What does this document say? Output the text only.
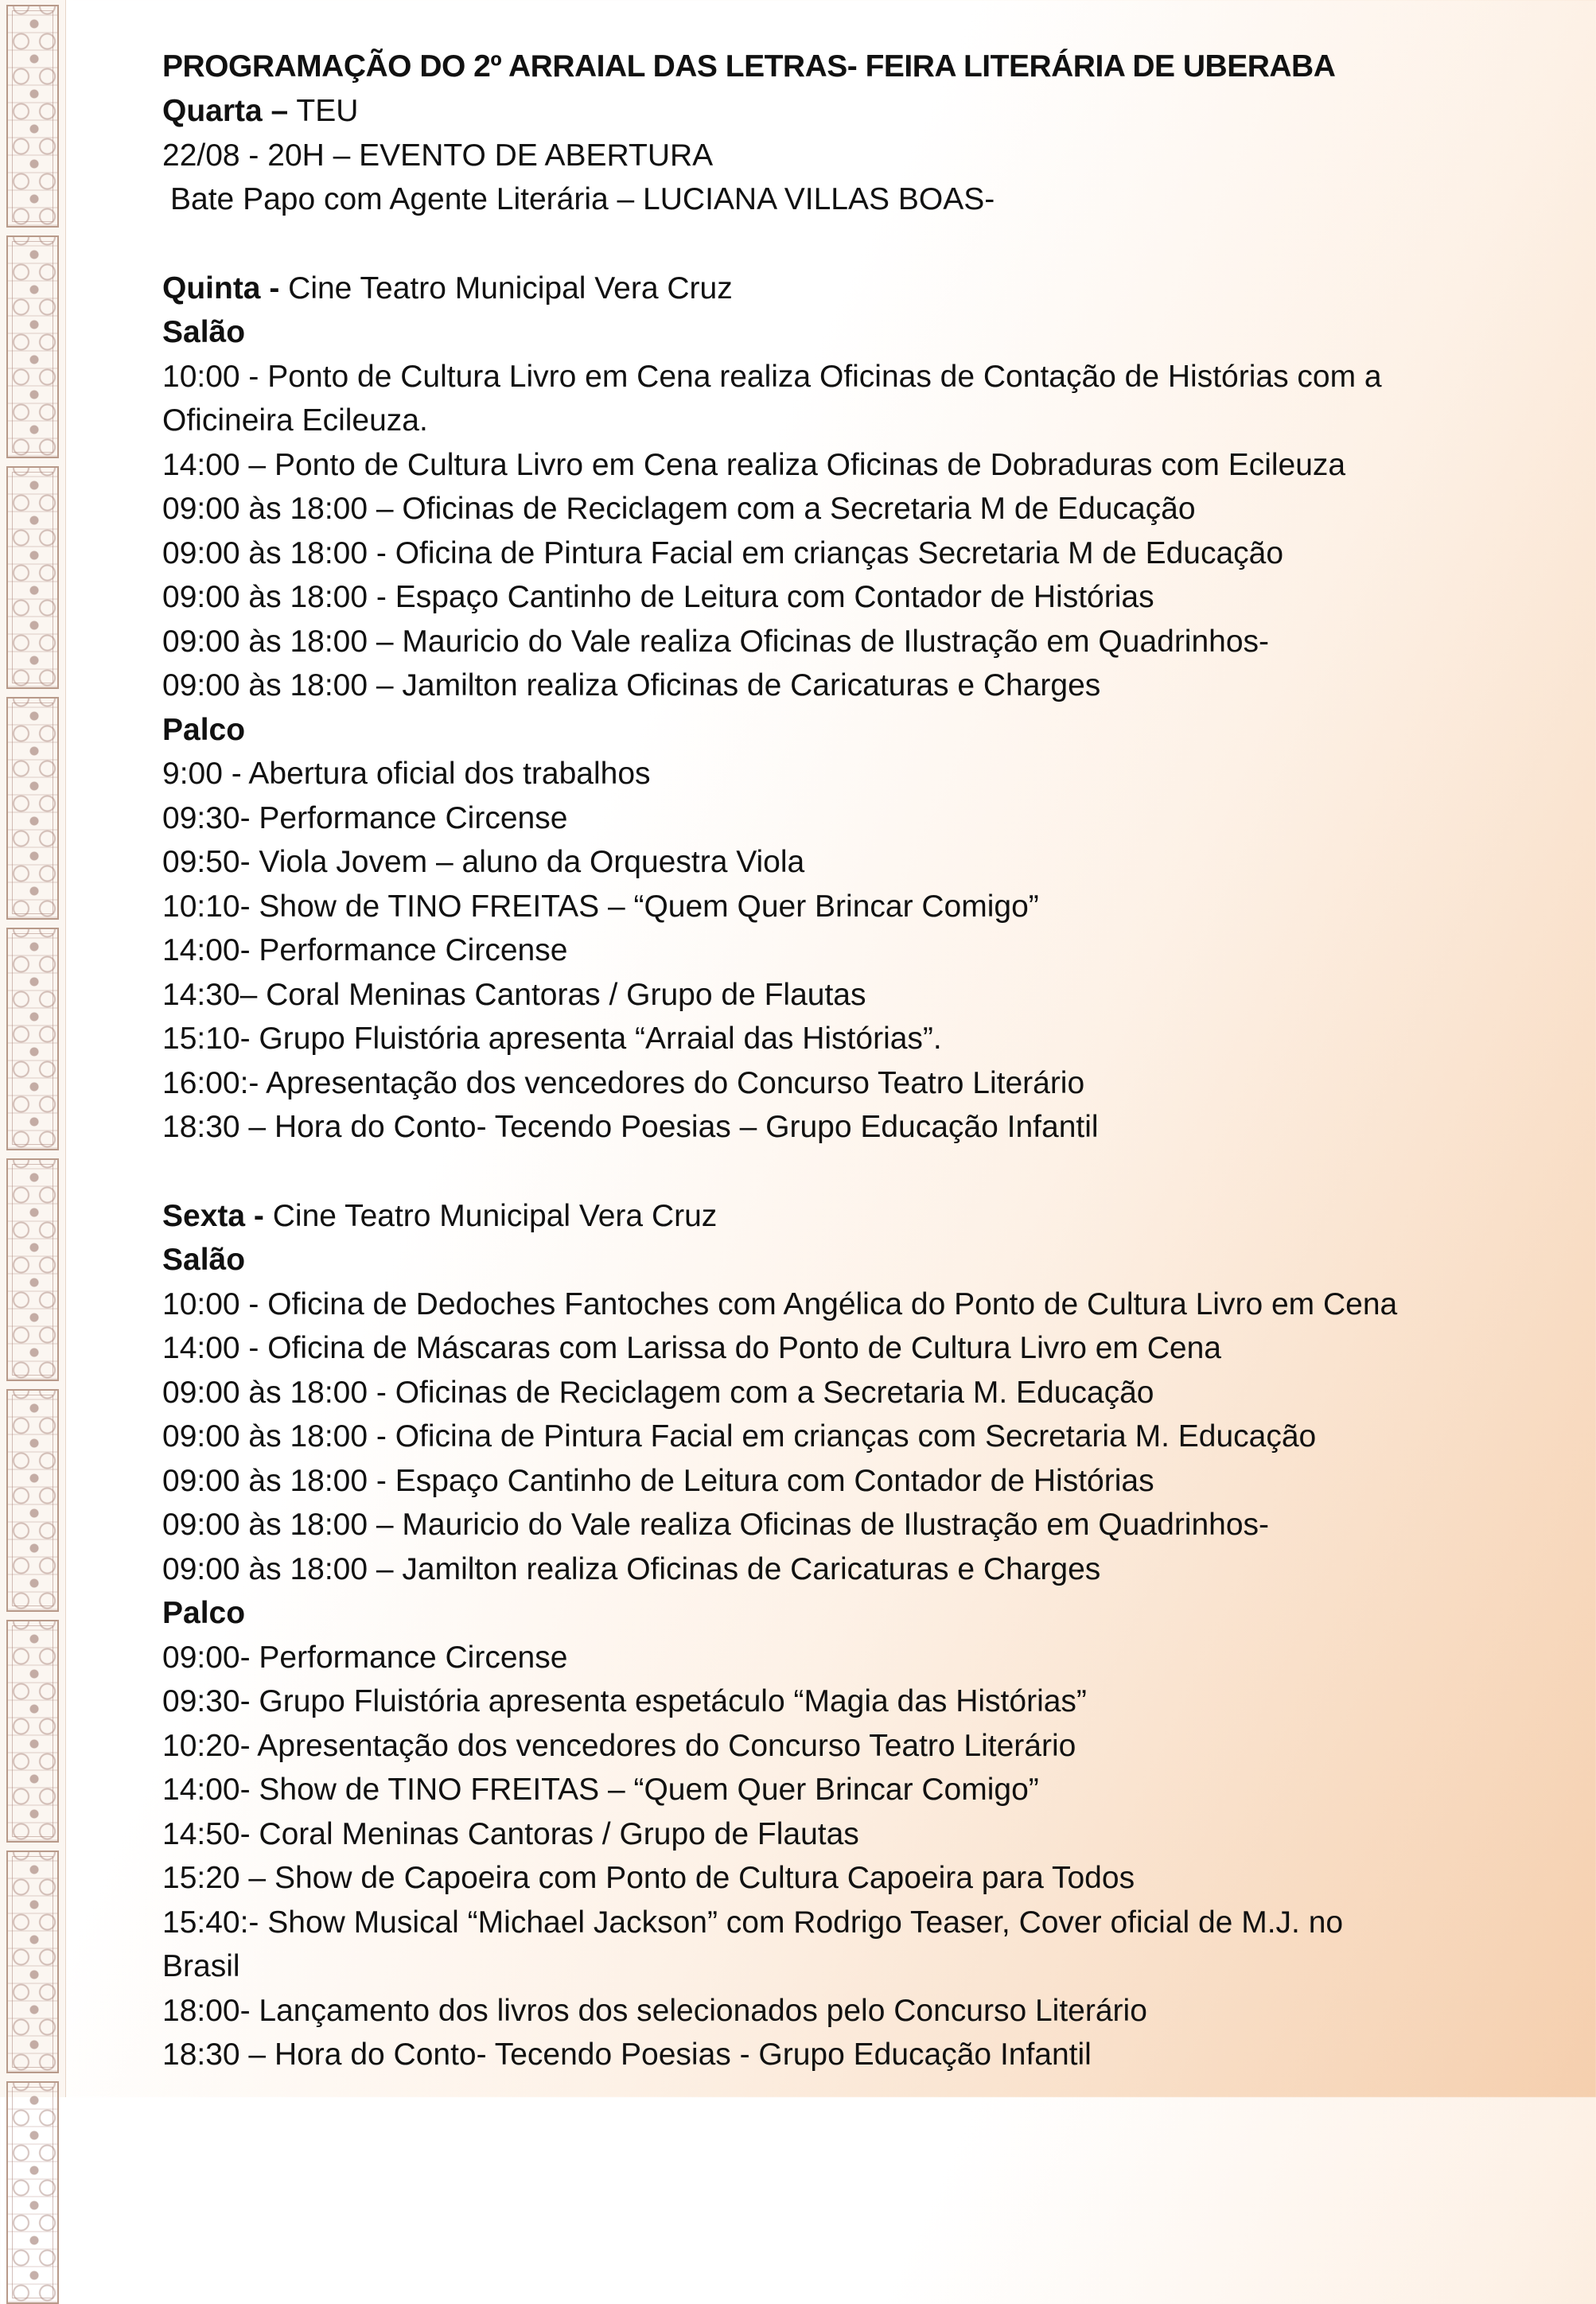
PROGRAMAÇÃO DO 2º ARRAIAL DAS LETRAS- FEIRA LITERÁRIA DE UBERABA
Quarta – TEU
22/08 - 20H – EVENTO DE ABERTURA
Bate Papo com Agente Literária – LUCIANA VILLAS BOAS-
Quinta - Cine Teatro Municipal Vera Cruz
Salão
10:00 - Ponto de Cultura Livro em Cena realiza Oficinas de Contação de Histórias com a Oficineira Ecileuza.
14:00 – Ponto de Cultura Livro em Cena realiza Oficinas de Dobraduras com Ecileuza
09:00 às 18:00 – Oficinas de Reciclagem com a Secretaria M de Educação
09:00 às 18:00 - Oficina de Pintura Facial em crianças Secretaria M de Educação
09:00 às 18:00 - Espaço Cantinho de Leitura com Contador de Histórias
09:00 às 18:00 – Mauricio do Vale realiza Oficinas de Ilustração em Quadrinhos-
09:00 às 18:00 – Jamilton realiza Oficinas de Caricaturas e Charges
Palco
9:00 - Abertura oficial dos trabalhos
09:30- Performance Circense
09:50- Viola Jovem – aluno da Orquestra Viola
10:10- Show de TINO FREITAS – “Quem Quer Brincar Comigo”
14:00- Performance Circense
14:30– Coral Meninas Cantoras / Grupo de Flautas
15:10- Grupo Fluistória apresenta “Arraial das Histórias”.
16:00:- Apresentação dos vencedores do Concurso Teatro Literário
18:30 – Hora do Conto- Tecendo Poesias – Grupo Educação Infantil
Sexta - Cine Teatro Municipal Vera Cruz
Salão
10:00 - Oficina de Dedoches Fantoches com Angélica do Ponto de Cultura Livro em Cena
14:00 - Oficina de Máscaras com Larissa do Ponto de Cultura Livro em Cena
09:00 às 18:00 - Oficinas de Reciclagem com a Secretaria M. Educação
09:00 às 18:00 - Oficina de Pintura Facial em crianças com Secretaria M. Educação
09:00 às 18:00 - Espaço Cantinho de Leitura com Contador de Histórias
09:00 às 18:00 – Mauricio do Vale realiza Oficinas de Ilustração em Quadrinhos-
09:00 às 18:00 – Jamilton realiza Oficinas de Caricaturas e Charges
Palco
09:00- Performance Circense
09:30- Grupo Fluistória apresenta espetáculo “Magia das Histórias”
10:20- Apresentação dos vencedores do Concurso Teatro Literário
14:00- Show de TINO FREITAS – “Quem Quer Brincar Comigo”
14:50- Coral Meninas Cantoras / Grupo de Flautas
15:20 – Show de Capoeira com Ponto de Cultura Capoeira para Todos
15:40:- Show Musical “Michael Jackson” com Rodrigo Teaser, Cover oficial de M.J. no Brasil
18:00- Lançamento dos livros dos selecionados pelo Concurso Literário
18:30 – Hora do Conto- Tecendo Poesias - Grupo Educação Infantil
